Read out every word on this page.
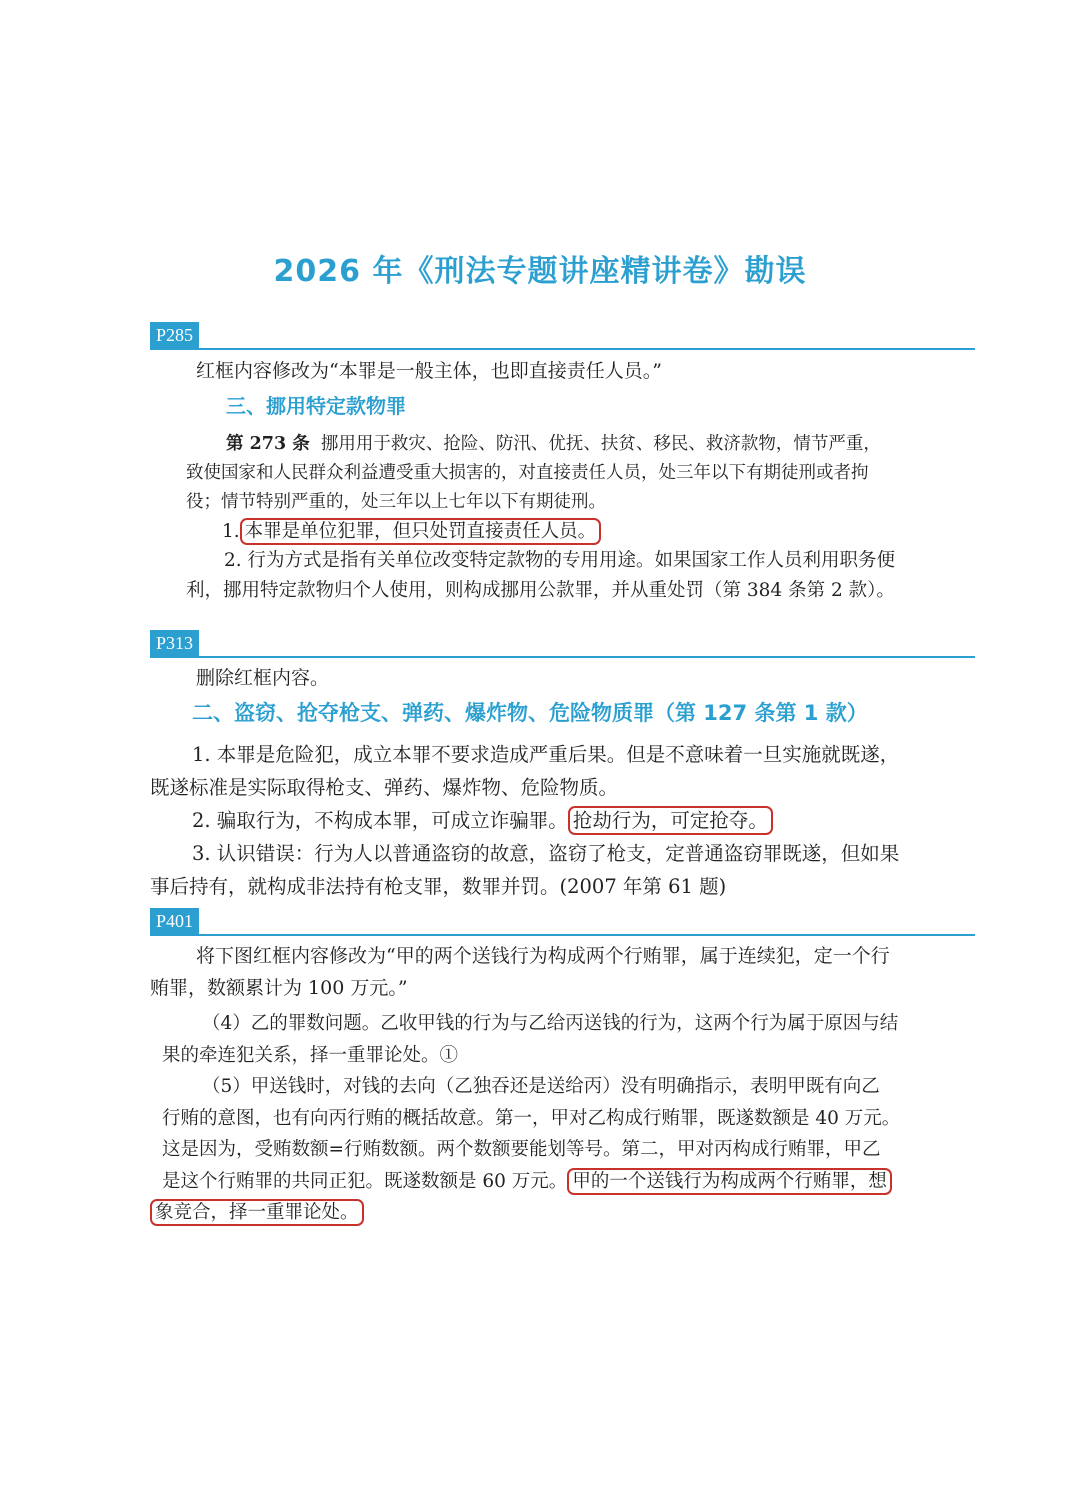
2026 年《刑法专题讲座精讲卷》勘误
P285
红框内容修改为“本罪是一般主体，也即直接责任人员。”
三、挪用特定款物罪

第 273 条 挪用用于救灾、抢险、防汛、优抚、扶贫、移民、救济款物，情节严重，

致使国家和人民群众利益遭受重大损害的，对直接责任人员，处三年以下有期徒刑或者拘

役；情节特别严重的，处三年以上七年以下有期徒刑。

1. 本罪是单位犯罪，但只处罚直接责任人员。

2. 行为方式是指有关单位改变特定款物的专用用途。如果国家工作人员利用职务便

利，挪用特定款物归个人使用，则构成挪用公款罪，并从重处罚（第 384 条第 2 款）。

P313
删除红框内容。
二、盗窃、抢夺枪支、弹药、爆炸物、危险物质罪（第 127 条第 1 款）

1. 本罪是危险犯，成立本罪不要求造成严重后果。但是不意味着一旦实施就既遂，

既遂标准是实际取得枪支、弹药、爆炸物、危险物质。

2. 骗取行为，不构成本罪，可成立诈骗罪。 抢劫行为，可定抢夺。

3. 认识错误：行为人以普通盗窃的故意，盗窃了枪支，定普通盗窃罪既遂，但如果

事后持有，就构成非法持有枪支罪，数罪并罚。(2007 年第 61 题)

P401
将下图红框内容修改为“甲的两个送钱行为构成两个行贿罪，属于连续犯，定一个行
贿罪，数额累计为 100 万元。”

（4）乙的罪数问题。乙收甲钱的行为与乙给丙送钱的行为，这两个行为属于原因与结

果的牵连犯关系，择一重罪论处。①

（5）甲送钱时，对钱的去向（乙独吞还是送给丙）没有明确指示，表明甲既有向乙

行贿的意图，也有向丙行贿的概括故意。第一，甲对乙构成行贿罪，既遂数额是 40 万元。

这是因为，受贿数额=行贿数额。两个数额要能划等号。第二，甲对丙构成行贿罪，甲乙

是这个行贿罪的共同正犯。既遂数额是 60 万元。 甲的一个送钱行为构成两个行贿罪，想

象竞合，择一重罪论处。
